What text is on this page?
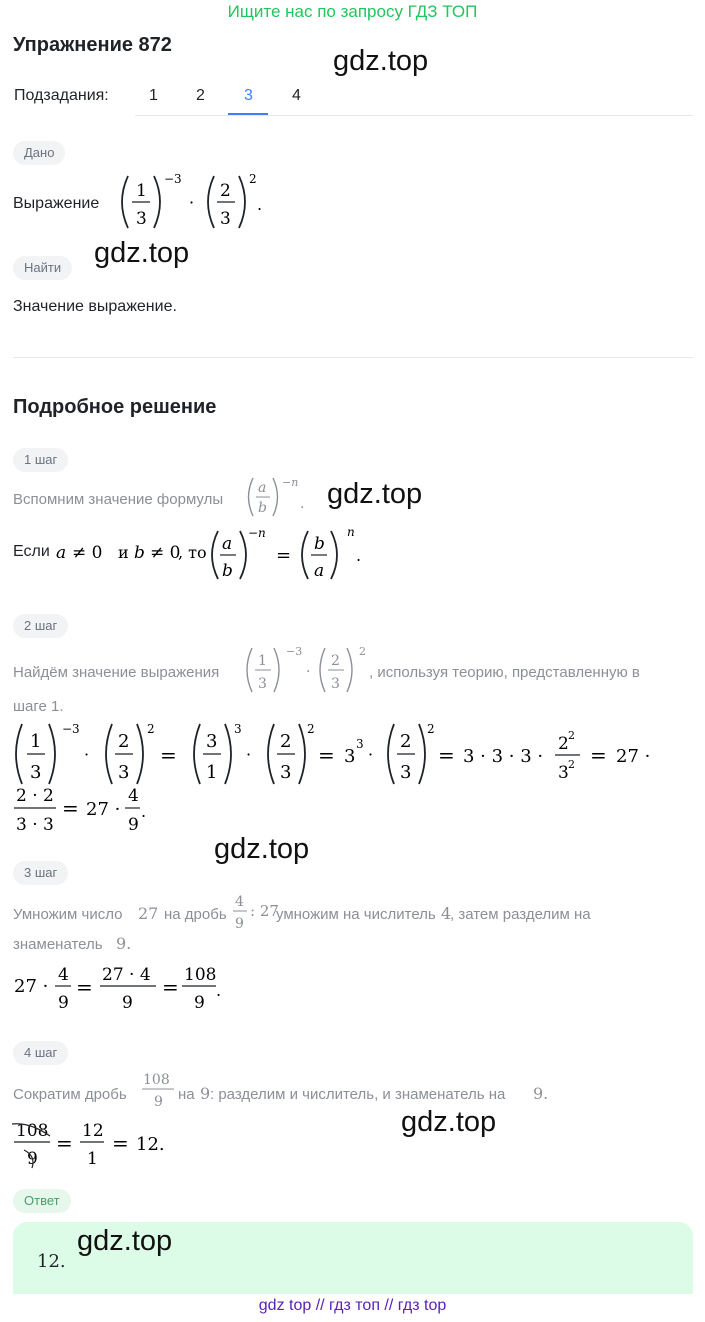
Ищите нас по запросу ГДЗ ТОП
Упражнение 872	gdz.top
Подзадания:	1 2 3 4
Дано
Выражение
1
3
−3
·
2
3
2
.
gdz.top
Найти
Значение выражение.
Подробное решение
1 шаг
Вспомним значение формулы
a
b
−n
. gdz.top
Если a ≠ 0 и b ≠ 0
, то a
b
−n
=
b
a
n
.
2 шаг
Найдём значение выражения
1
3
−3
·
2
3
2
, используя теорию, представленную в
шаге 1.
1
3
−3
·
2
3
2
=
3
1
3
·
2
3
2
= 3
3
·
2
3
2
= 3 · 3 · 3 ·
2 2
3 2 = 27 ·
2 · 2
3 · 3
= 27 ·
4
9
.
gdz.top
3 шаг
Умножим число 27 на дробь
4
9
: 27
умножим на числитель 4
, затем разделим на
знаменатель 9.
27 ·
4
9
= 27 · 4
9
= 108
9
.
4 шаг
Сократим дробь
108
9 на 9 : разделим и числитель, и знаменатель на 9.
gdz.top
108
9
= 12
1
= 12.
Ответ
12.
gdz.top
gdz top // гдз топ // гдз top
